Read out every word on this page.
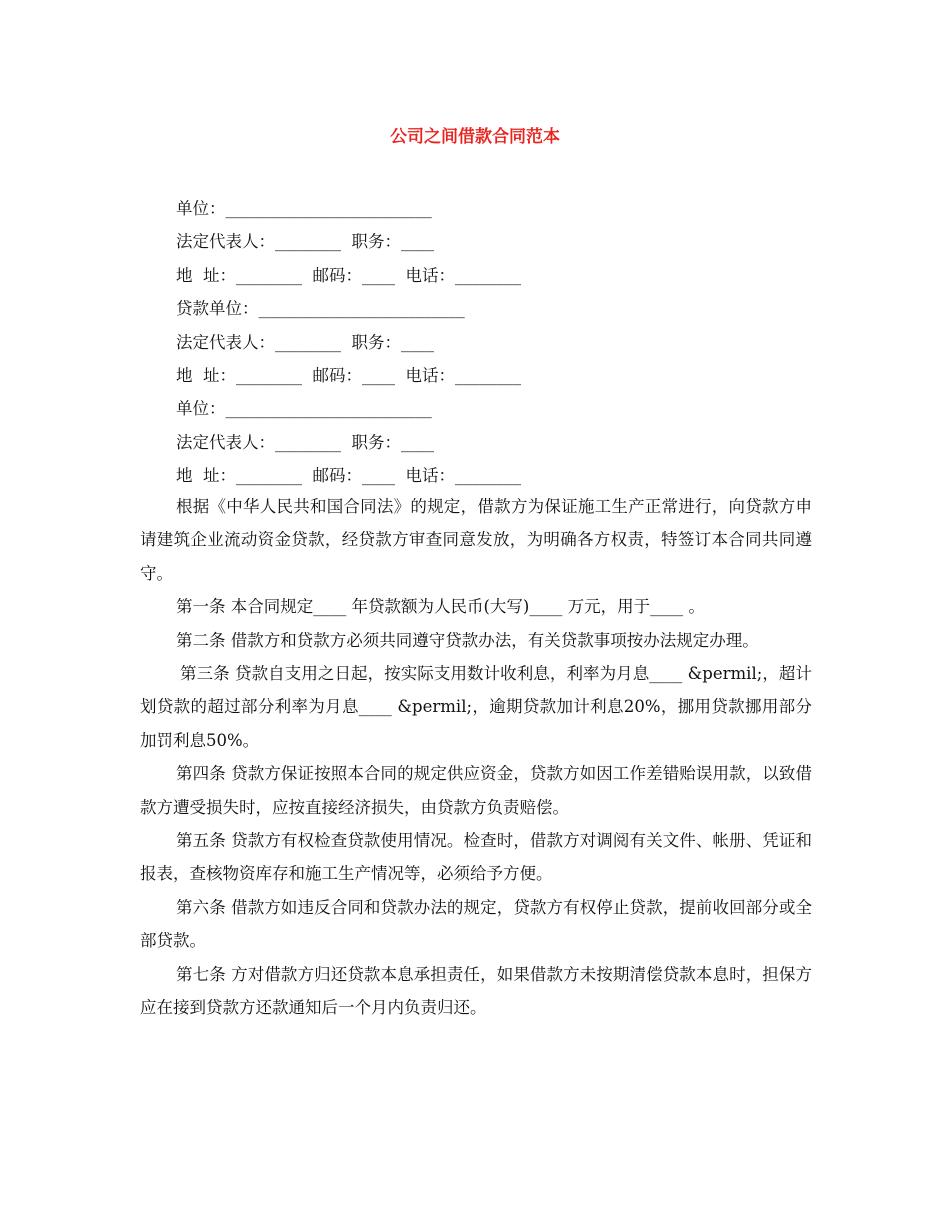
公司之间借款合同范本
单位：_________________________
法定代表人：________  职务：____
地  址：________  邮码：____  电话：________
贷款单位：_________________________
法定代表人：________  职务：____
地  址：________  邮码：____  电话：________
单位：_________________________
法定代表人：________  职务：____
地  址：________  邮码：____  电话：________

根据《中华人民共和国合同法》的规定，借款方为保证施工生产正常进行，向贷款方申请建筑企业流动资金贷款，经贷款方审查同意发放，为明确各方权责，特签订本合同共同遵守。

第一条 本合同规定____ 年贷款额为人民币(大写)____ 万元，用于____ 。

第二条 借款方和贷款方必须共同遵守贷款办法，有关贷款事项按办法规定办理。

第三条 贷款自支用之日起，按实际支用数计收利息，利率为月息____ &permil;，超计划贷款的超过部分利率为月息____ &permil;，逾期贷款加计利息20%，挪用贷款挪用部分加罚利息50%。

第四条 贷款方保证按照本合同的规定供应资金，贷款方如因工作差错贻误用款，以致借款方遭受损失时，应按直接经济损失，由贷款方负责赔偿。

第五条 贷款方有权检查贷款使用情况。检查时，借款方对调阅有关文件、帐册、凭证和报表，查核物资库存和施工生产情况等，必须给予方便。

第六条 借款方如违反合同和贷款办法的规定，贷款方有权停止贷款，提前收回部分或全部贷款。

第七条 方对借款方归还贷款本息承担责任，如果借款方未按期清偿贷款本息时，担保方应在接到贷款方还款通知后一个月内负责归还。
